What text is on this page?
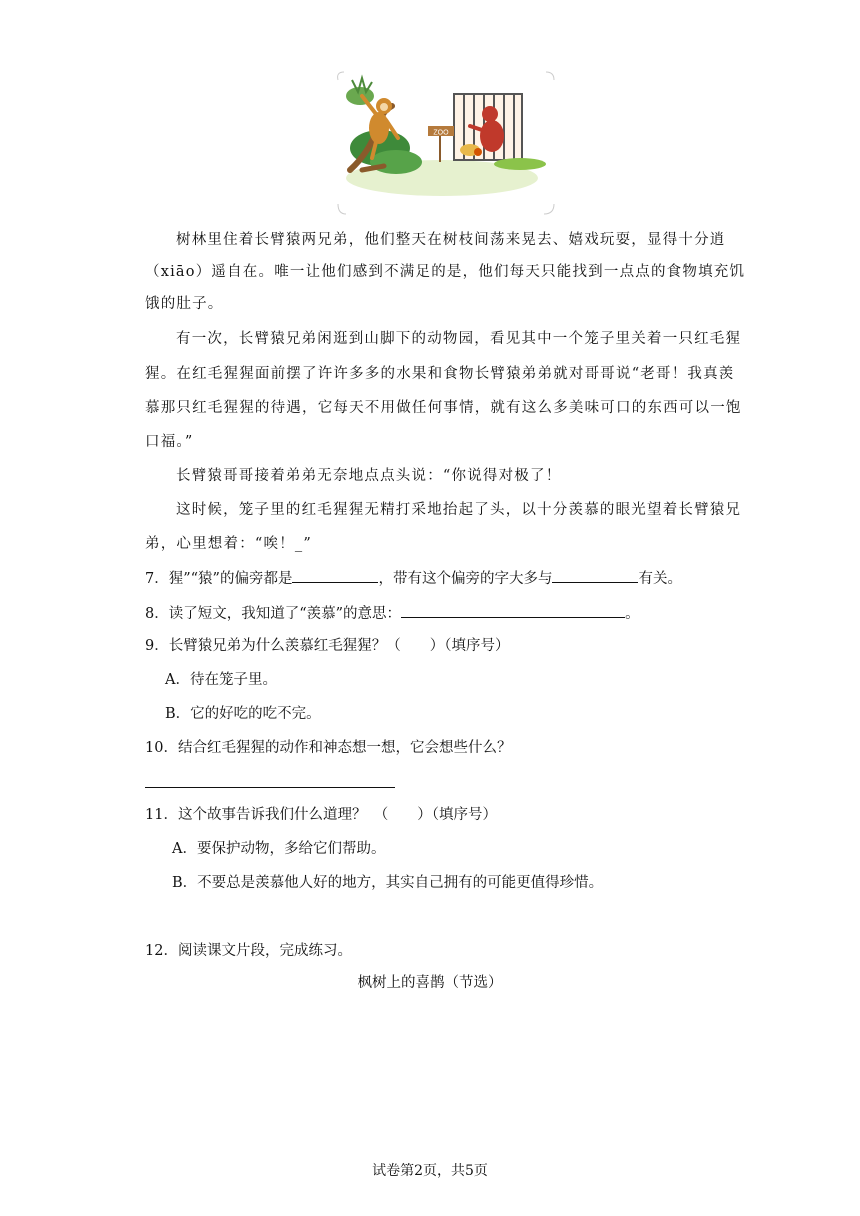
ZOO
树林里住着长臂猿两兄弟，他们整天在树枝间荡来晃去、嬉戏玩耍，显得十分逍
（xiāo）遥自在。唯一让他们感到不满足的是，他们每天只能找到一点点的食物填充饥
饿的肚子。
有一次，长臂猿兄弟闲逛到山脚下的动物园，看见其中一个笼子里关着一只红毛猩
猩。在红毛猩猩面前摆了许许多多的水果和食物长臂猿弟弟就对哥哥说“老哥！我真羡
慕那只红毛猩猩的待遇，它每天不用做任何事情，就有这么多美味可口的东西可以一饱
口福。”
长臂猿哥哥接着弟弟无奈地点点头说：“你说得对极了！
这时候，笼子里的红毛猩猩无精打采地抬起了头，以十分羡慕的眼光望着长臂猿兄
弟，心里想着：“唉！_”
7．猩”“猿”的偏旁都是	，带有这个偏旁的字大多与	有关。
8．读了短文，我知道了“羡慕”的意思：	。
9．长臂猿兄弟为什么羡慕红毛猩猩？（　　）（填序号）
A．待在笼子里。
B．它的好吃的吃不完。
10．结合红毛猩猩的动作和神态想一想，它会想些什么？
11．这个故事告诉我们什么道理？　（　　）（填序号）
A．要保护动物，多给它们帮助。
B．不要总是羡慕他人好的地方，其实自己拥有的可能更值得珍惜。
12．阅读课文片段，完成练习。
枫树上的喜鹊（节选）
试卷第2页，共5页
